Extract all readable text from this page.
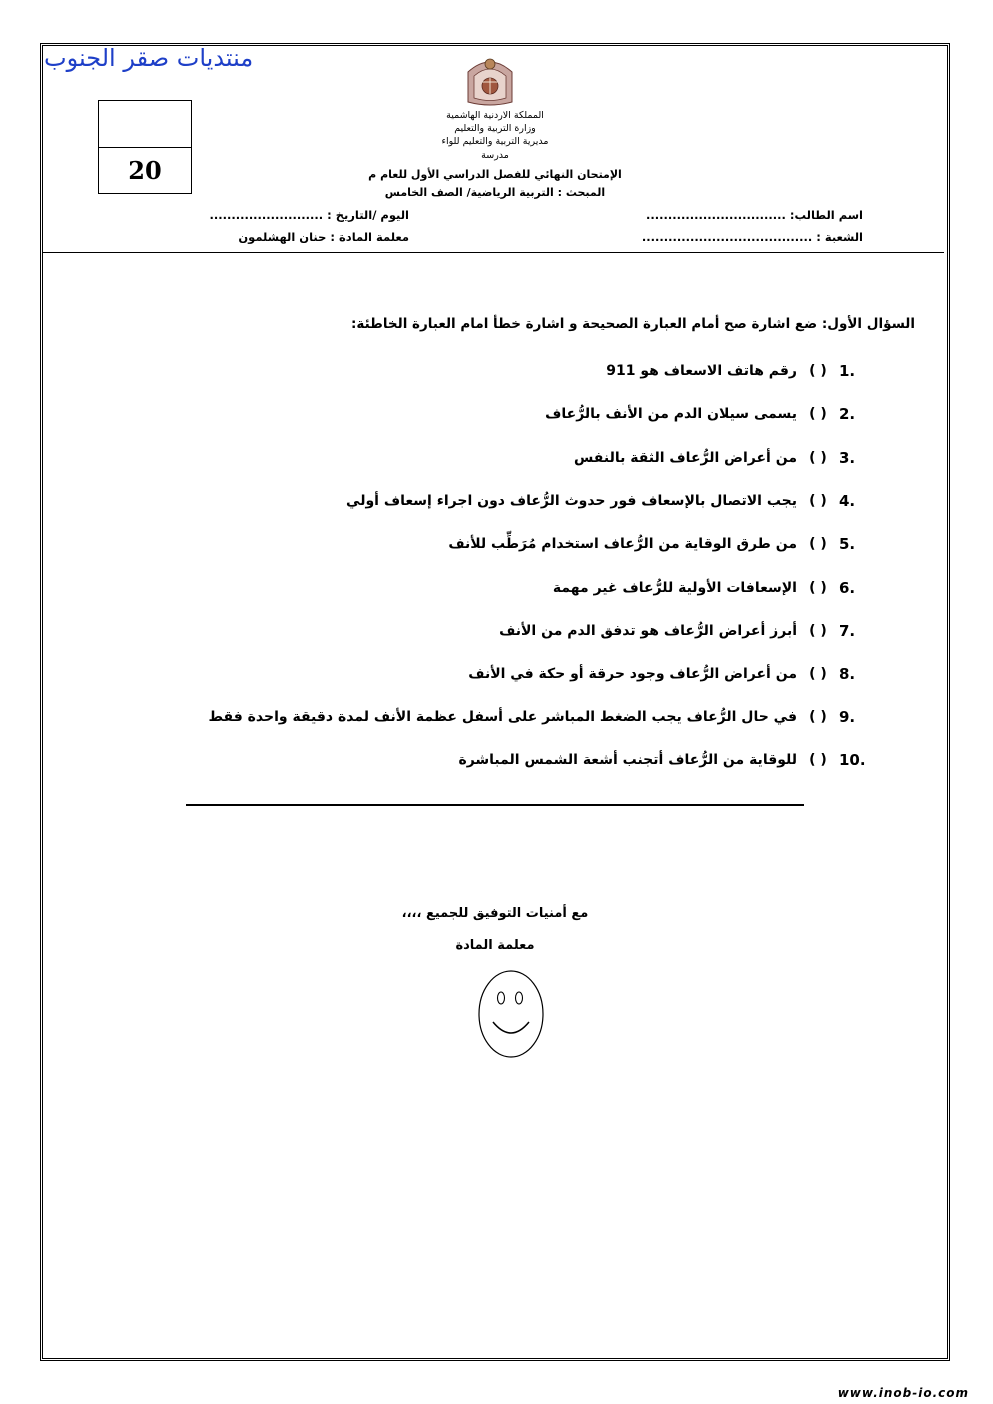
منتديات صقر الجنوب
20
المملكة الاردنية الهاشمية
وزارة التربية والتعليم
مديرية التربية والتعليم للواء
مدرسة
الإمتحان النهائي للفصل الدراسي الأول للعام م
المبحث : التربية الرياضية/ الصف الخامس
اسم الطالب: ................................
الشعبة : .......................................
اليوم /التاريخ : ..........................
معلمة المادة : حنان الهشلمون
السؤال الأول: ضع اشارة صح أمام العبارة الصحيحة و اشارة خطأ امام العبارة الخاطئة:
1.
( )
رقم هاتف الاسعاف هو 911
2.
( )
يسمى سيلان الدم من الأنف بالرُّعاف
3.
( )
من أعراض الرُّعاف الثقة بالنفس
4.
( )
يجب الاتصال بالإسعاف فور حدوث الرُّعاف دون اجراء إسعاف أولي
5.
( )
من طرق الوقاية من الرُّعاف استخدام مُرَطِّب للأنف
6.
( )
الإسعافات الأولية للرُّعاف غير مهمة
7.
( )
أبرز أعراض الرُّعاف هو تدفق الدم من الأنف
8.
( )
من أعراض الرُّعاف وجود حرقة أو حكة في الأنف
9.
( )
في حال الرُّعاف يجب الضغط المباشر على أسفل عظمة الأنف لمدة دقيقة واحدة فقط
10.
( )
للوقاية من الرُّعاف أتجنب أشعة الشمس المباشرة
مع أمنيات التوفيق للجميع ،،،،
معلمة المادة
www.inob-io.com
